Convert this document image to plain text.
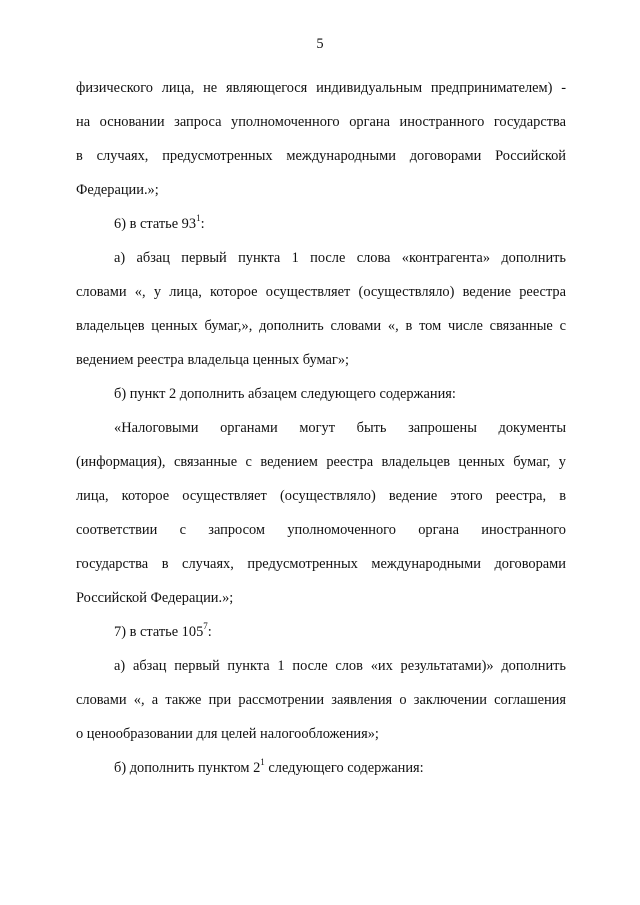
5
физического лица, не являющегося индивидуальным предпринимателем) -
на основании запроса уполномоченного органа иностранного государства
в случаях, предусмотренных международными договорами Российской
Федерации.»;
6) в статье $93^1$:
а) абзац первый пункта 1 после слова «контрагента» дополнить
словами «, у лица, которое осуществляет (осуществляло) ведение реестра
владельцев ценных бумаг,», дополнить словами «, в том числе связанные с
ведением реестра владельца ценных бумаг»;
б) пункт 2 дополнить абзацем следующего содержания:
«Налоговыми органами могут быть запрошены документы
(информация), связанные с ведением реестра владельцев ценных бумаг, у
лица, которое осуществляет (осуществляло) ведение этого реестра, в
соответствии с запросом уполномоченного органа иностранного
государства в случаях, предусмотренных международными договорами
Российской Федерации.»;
7) в статье $105^7$:
а) абзац первый пункта 1 после слов «их результатами)» дополнить
словами «, а также при рассмотрении заявления о заключении соглашения
о ценообразовании для целей налогообложения»;
б) дополнить пунктом $2^1$ следующего содержания:
